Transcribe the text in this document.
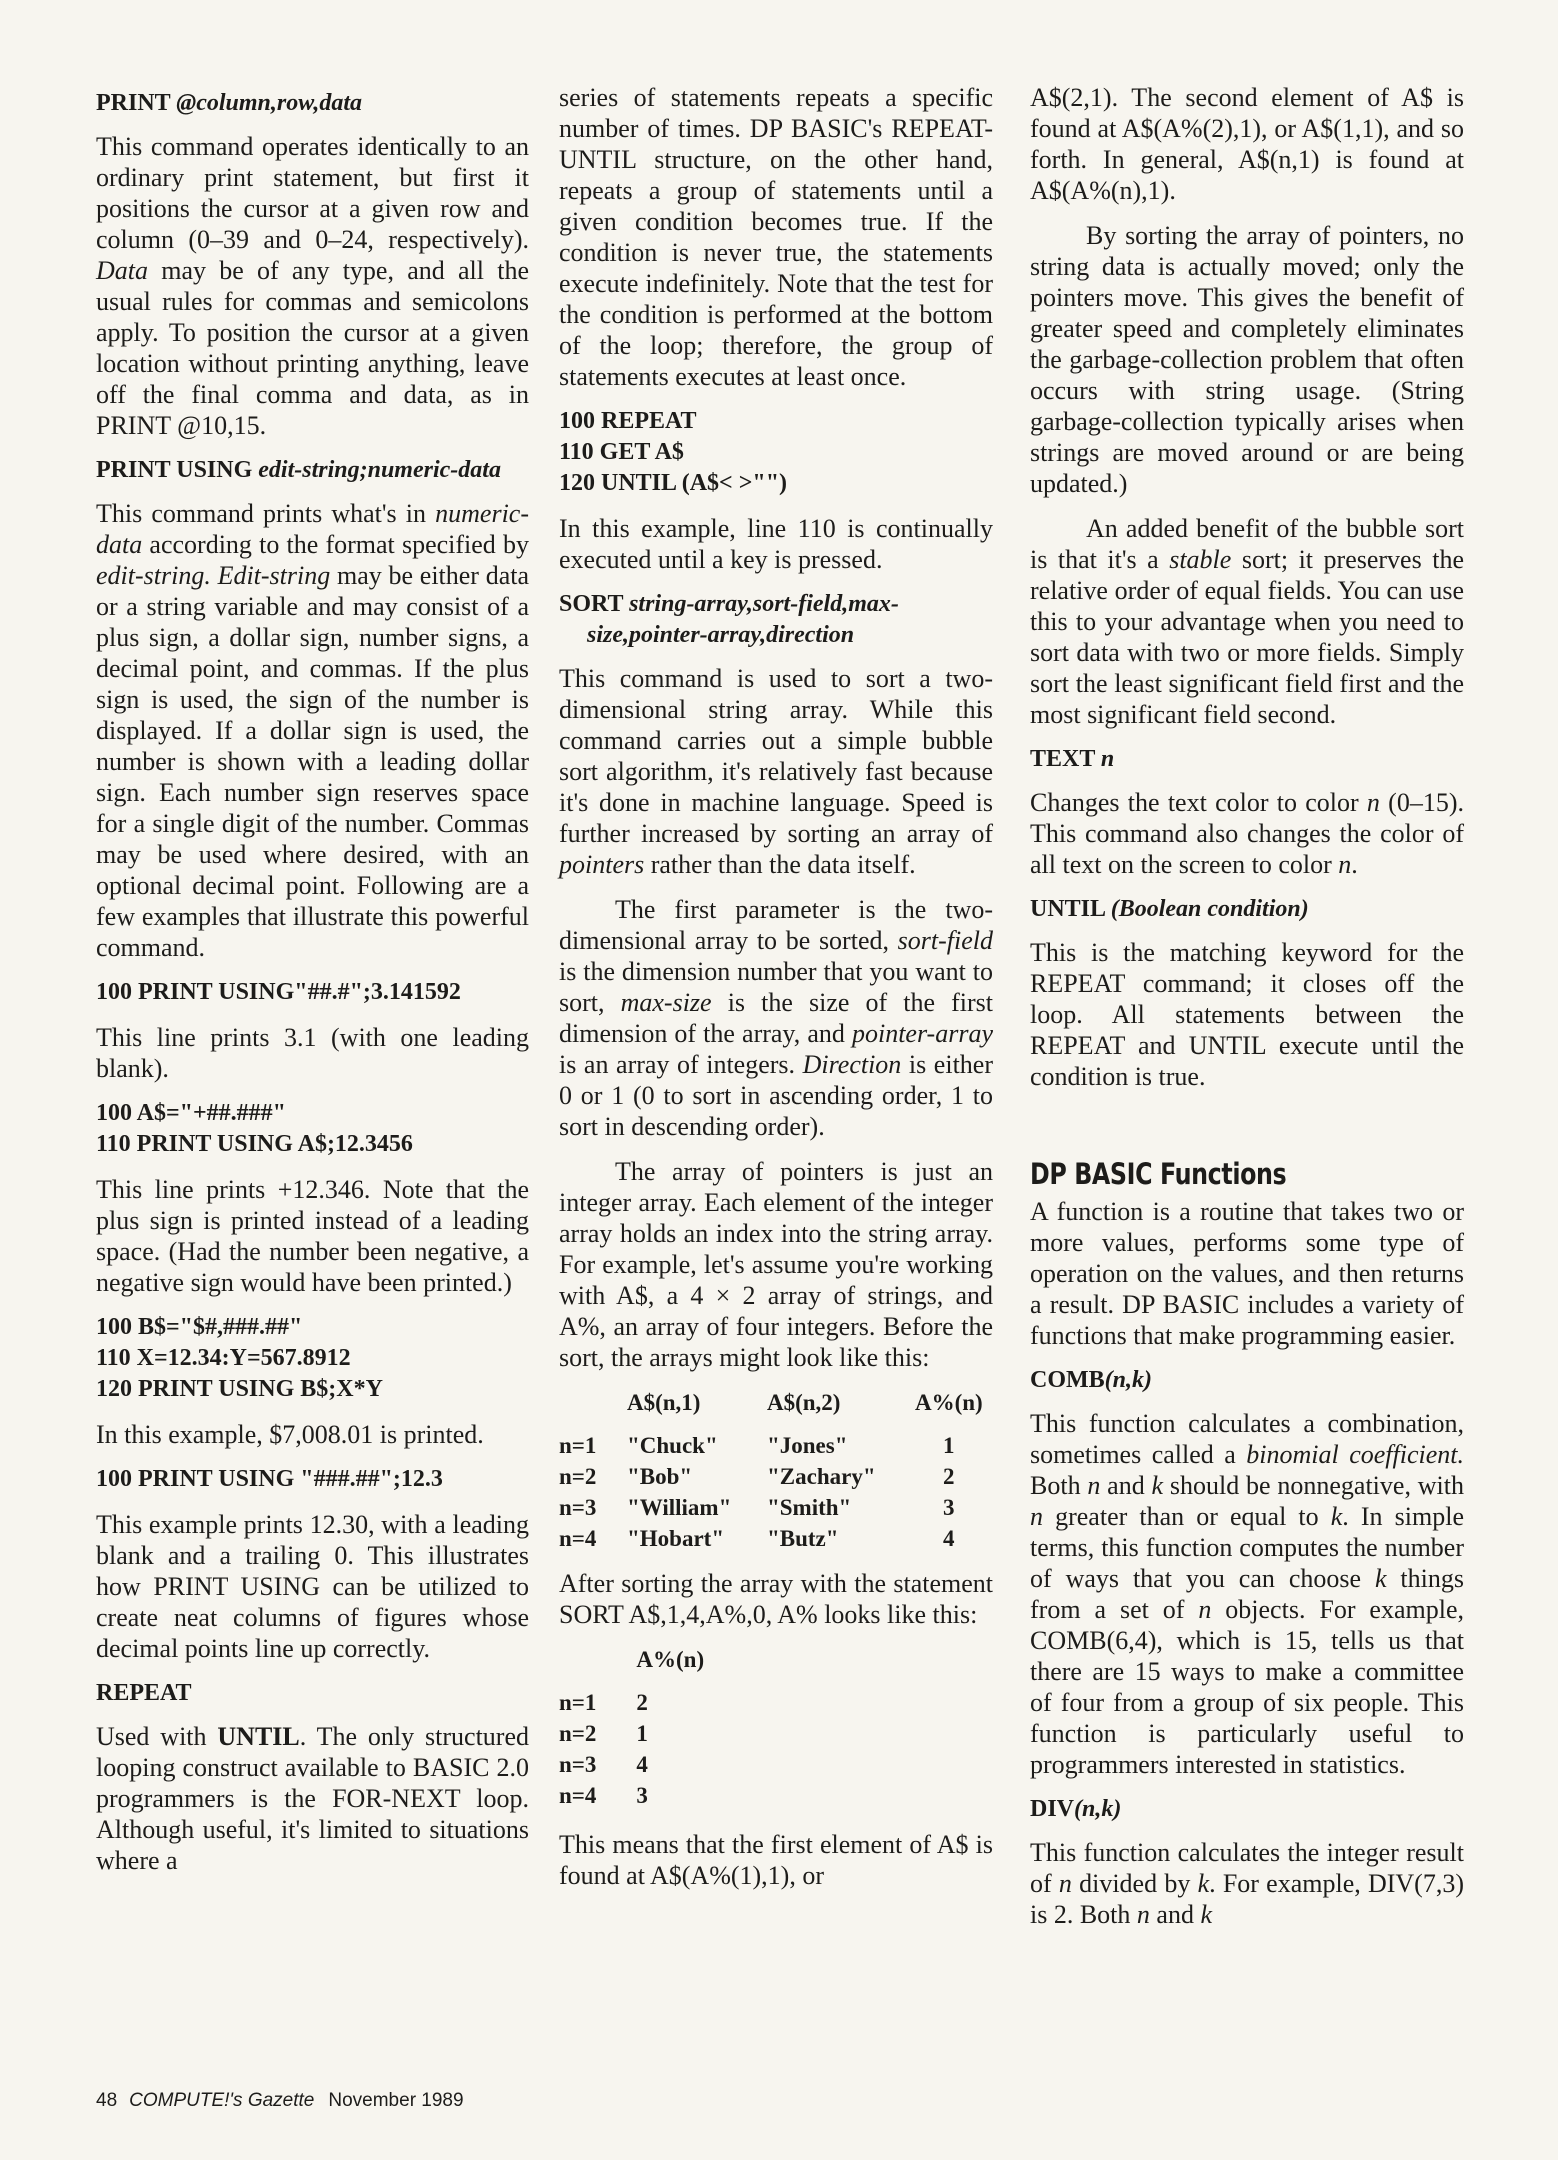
PRINT @column,row,data

This command operates identically to an ordinary print statement, but first it positions the cursor at a given row and column (0–39 and 0–24, respectively). Data may be of any type, and all the usual rules for commas and semicolons apply. To position the cursor at a given location without printing anything, leave off the final comma and data, as in PRINT @10,15.

PRINT USING edit-string;numeric-data

This command prints what's in numeric-data according to the format specified by edit-string. Edit-string may be either data or a string variable and may consist of a plus sign, a dollar sign, number signs, a decimal point, and commas. If the plus sign is used, the sign of the number is displayed. If a dollar sign is used, the number is shown with a leading dollar sign. Each number sign reserves space for a single digit of the number. Commas may be used where desired, with an optional decimal point. Following are a few examples that illustrate this powerful command.

100 PRINT USING"##.#";3.141592

This line prints 3.1 (with one leading blank).

100 A$="+##.###"
110 PRINT USING A$;12.3456

This line prints +12.346. Note that the plus sign is printed instead of a leading space. (Had the number been negative, a negative sign would have been printed.)

100 B$="$#,###.##"
110 X=12.34:Y=567.8912
120 PRINT USING B$;X*Y

In this example, $7,008.01 is printed.

100 PRINT USING "###.##";12.3

This example prints 12.30, with a leading blank and a trailing 0. This illustrates how PRINT USING can be utilized to create neat columns of figures whose decimal points line up correctly.

REPEAT

Used with UNTIL. The only structured looping construct available to BASIC 2.0 programmers is the FOR-NEXT loop. Although useful, it's limited to situations where a

series of statements repeats a specific number of times. DP BASIC's REPEAT-UNTIL structure, on the other hand, repeats a group of statements until a given condition becomes true. If the condition is never true, the statements execute indefinitely. Note that the test for the condition is performed at the bottom of the loop; therefore, the group of statements executes at least once.

100 REPEAT
110 GET A$
120 UNTIL (A$< >"")

In this example, line 110 is continually executed until a key is pressed.

SORT string-array,sort-field,max-size,pointer-array,direction

This command is used to sort a two-dimensional string array. While this command carries out a simple bubble sort algorithm, it's relatively fast because it's done in machine language. Speed is further increased by sorting an array of pointers rather than the data itself.

The first parameter is the two-dimensional array to be sorted, sort-field is the dimension number that you want to sort, max-size is the size of the first dimension of the array, and pointer-array is an array of integers. Direction is either 0 or 1 (0 to sort in ascending order, 1 to sort in descending order).

The array of pointers is just an integer array. Each element of the integer array holds an index into the string array. For example, let's assume you're working with A$, a 4 × 2 array of strings, and A%, an array of four integers. Before the sort, the arrays might look like this:

	A$(n,1)	A$(n,2)	A%(n)
n=1	"Chuck"	"Jones"	1
n=2	"Bob"	"Zachary"	2
n=3	"William"	"Smith"	3
n=4	"Hobart"	"Butz"	4

After sorting the array with the statement SORT A$,1,4,A%,0, A% looks like this:

	A%(n)
n=1	2
n=2	1
n=3	4
n=4	3

This means that the first element of A$ is found at A$(A%(1),1), or

A$(2,1). The second element of A$ is found at A$(A%(2),1), or A$(1,1), and so forth. In general, A$(n,1) is found at A$(A%(n),1).

By sorting the array of pointers, no string data is actually moved; only the pointers move. This gives the benefit of greater speed and completely eliminates the garbage-collection problem that often occurs with string usage. (String garbage-collection typically arises when strings are moved around or are being updated.)

An added benefit of the bubble sort is that it's a stable sort; it preserves the relative order of equal fields. You can use this to your advantage when you need to sort data with two or more fields. Simply sort the least significant field first and the most significant field second.

TEXT n

Changes the text color to color n (0–15). This command also changes the color of all text on the screen to color n.

UNTIL (Boolean condition)

This is the matching keyword for the REPEAT command; it closes off the loop. All statements between the REPEAT and UNTIL execute until the condition is true.

DP BASIC Functions

A function is a routine that takes two or more values, performs some type of operation on the values, and then returns a result. DP BASIC includes a variety of functions that make programming easier.

COMB(n,k)

This function calculates a combination, sometimes called a binomial coefficient. Both n and k should be nonnegative, with n greater than or equal to k. In simple terms, this function computes the number of ways that you can choose k things from a set of n objects. For example, COMB(6,4), which is 15, tells us that there are 15 ways to make a committee of four from a group of six people. This function is particularly useful to programmers interested in statistics.

DIV(n,k)

This function calculates the integer result of n divided by k. For example, DIV(7,3) is 2. Both n and k

48 COMPUTE!'s Gazette November 1989
